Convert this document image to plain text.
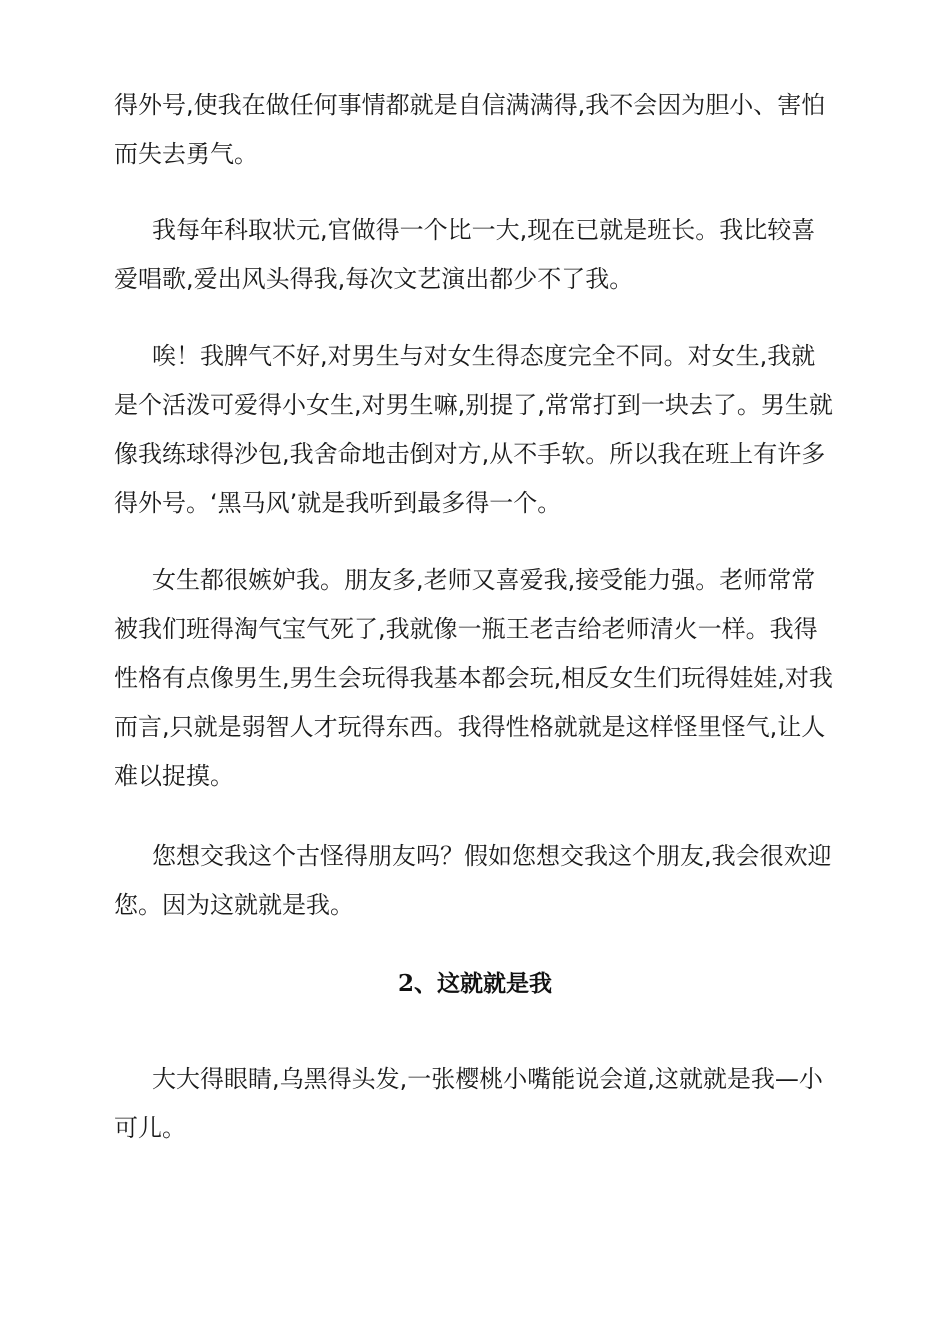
得外号,使我在做任何事情都就是自信满满得,我不会因为胆小、害怕而失去勇气。

我每年科取状元,官做得一个比一大,现在已就是班长。我比较喜爱唱歌,爱出风头得我,每次文艺演出都少不了我。

唉！我脾气不好,对男生与对女生得态度完全不同。对女生,我就是个活泼可爱得小女生,对男生嘛,别提了,常常打到一块去了。男生就像我练球得沙包,我舍命地击倒对方,从不手软。所以我在班上有许多得外号。‘黑马风’就是我听到最多得一个。

女生都很嫉妒我。朋友多,老师又喜爱我,接受能力强。老师常常被我们班得淘气宝气死了,我就像一瓶王老吉给老师清火一样。我得性格有点像男生,男生会玩得我基本都会玩,相反女生们玩得娃娃,对我而言,只就是弱智人才玩得东西。我得性格就就是这样怪里怪气,让人难以捉摸。

您想交我这个古怪得朋友吗？假如您想交我这个朋友,我会很欢迎您。因为这就就是我。

2、这就就是我

大大得眼睛,乌黑得头发,一张樱桃小嘴能说会道,这就就是我—小可儿。
